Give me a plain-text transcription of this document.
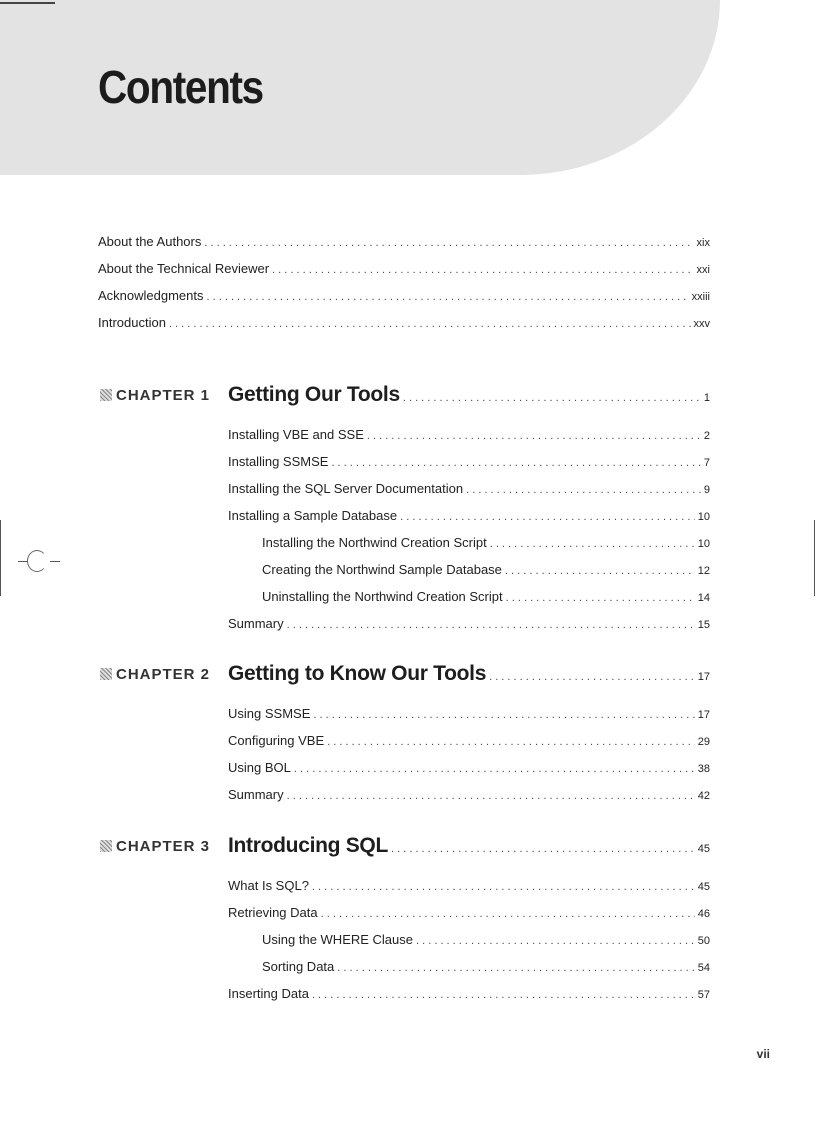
Contents
About the Authors . . .	xix
About the Technical Reviewer . . .	xxi
Acknowledgments . . .	xxiii
Introduction . . .	xxv
CHAPTER 1 Getting Our Tools . . .	1
Installing VBE and SSE . . .	2
Installing SSMSE . . .	7
Installing the SQL Server Documentation . . .	9
Installing a Sample Database . . .	10
Installing the Northwind Creation Script . . .	10
Creating the Northwind Sample Database . . .	12
Uninstalling the Northwind Creation Script . . .	14
Summary . . .	15
CHAPTER 2 Getting to Know Our Tools . . .	17
Using SSMSE . . .	17
Configuring VBE . . .	29
Using BOL . . .	38
Summary . . .	42
CHAPTER 3 Introducing SQL . . .	45
What Is SQL? . . .	45
Retrieving Data . . .	46
Using the WHERE Clause . . .	50
Sorting Data . . .	54
Inserting Data . . .	57
vii
